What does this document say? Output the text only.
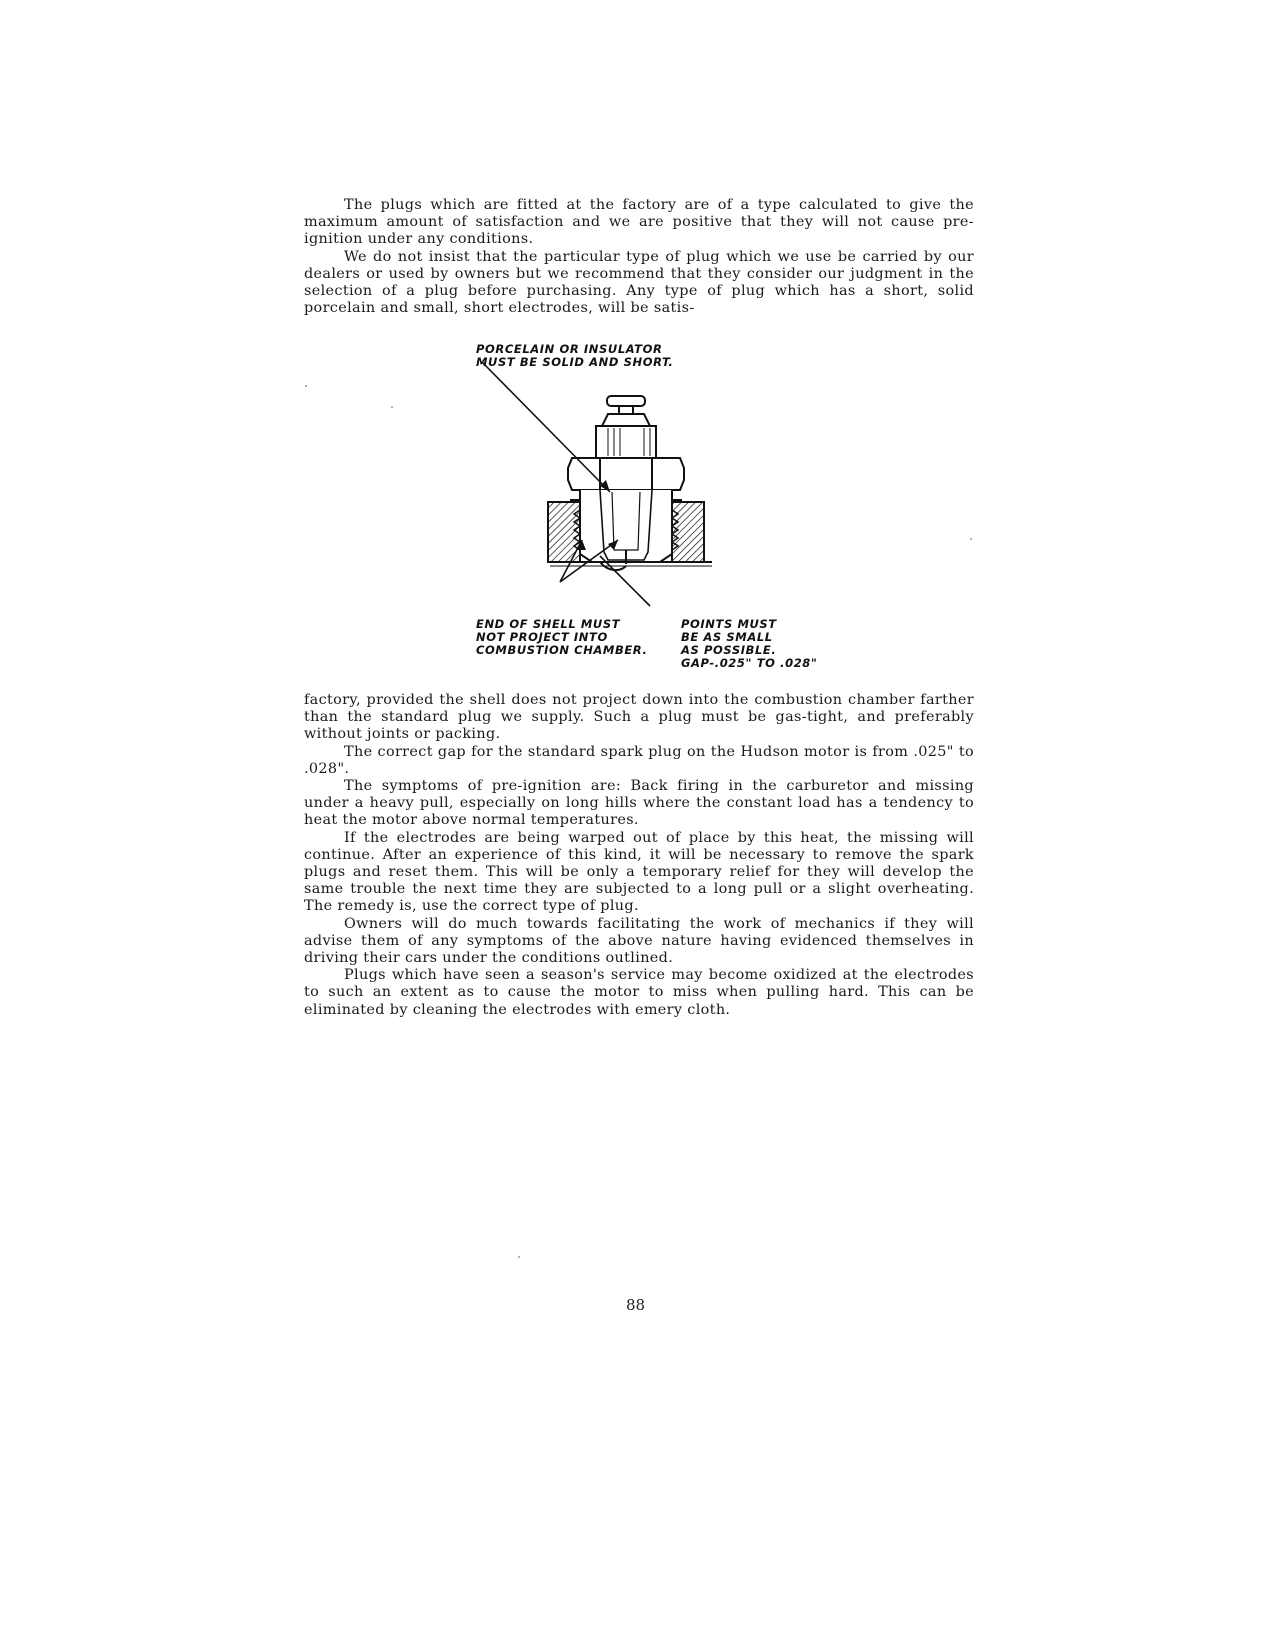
The plugs which are fitted at the factory are of a type calculated to give the maximum amount of satisfaction and we are positive that they will not cause pre-ignition under any conditions.

We do not insist that the particular type of plug which we use be carried by our dealers or used by owners but we recommend that they consider our judgment in the selection of a plug before purchasing. Any type of plug which has a short, solid porcelain and small, short electrodes, will be satis-

PORCELAIN OR INSULATOR
MUST BE SOLID AND SHORT.
END OF SHELL MUST
NOT PROJECT INTO
COMBUSTION CHAMBER.
POINTS MUST
BE AS SMALL
AS POSSIBLE.
GAP-.025" TO .028"

factory, provided the shell does not project down into the combustion chamber farther than the standard plug we supply. Such a plug must be gas-tight, and preferably without joints or packing.

The correct gap for the standard spark plug on the Hudson motor is from .025" to .028".

The symptoms of pre-ignition are: Back firing in the carburetor and missing under a heavy pull, especially on long hills where the constant load has a tendency to heat the motor above normal temperatures.

If the electrodes are being warped out of place by this heat, the missing will continue. After an experience of this kind, it will be necessary to remove the spark plugs and reset them. This will be only a temporary relief for they will develop the same trouble the next time they are subjected to a long pull or a slight overheating. The remedy is, use the correct type of plug.

Owners will do much towards facilitating the work of mechanics if they will advise them of any symptoms of the above nature having evidenced themselves in driving their cars under the conditions outlined.

Plugs which have seen a season's service may become oxidized at the electrodes to such an extent as to cause the motor to miss when pulling hard. This can be eliminated by cleaning the electrodes with emery cloth.

88
